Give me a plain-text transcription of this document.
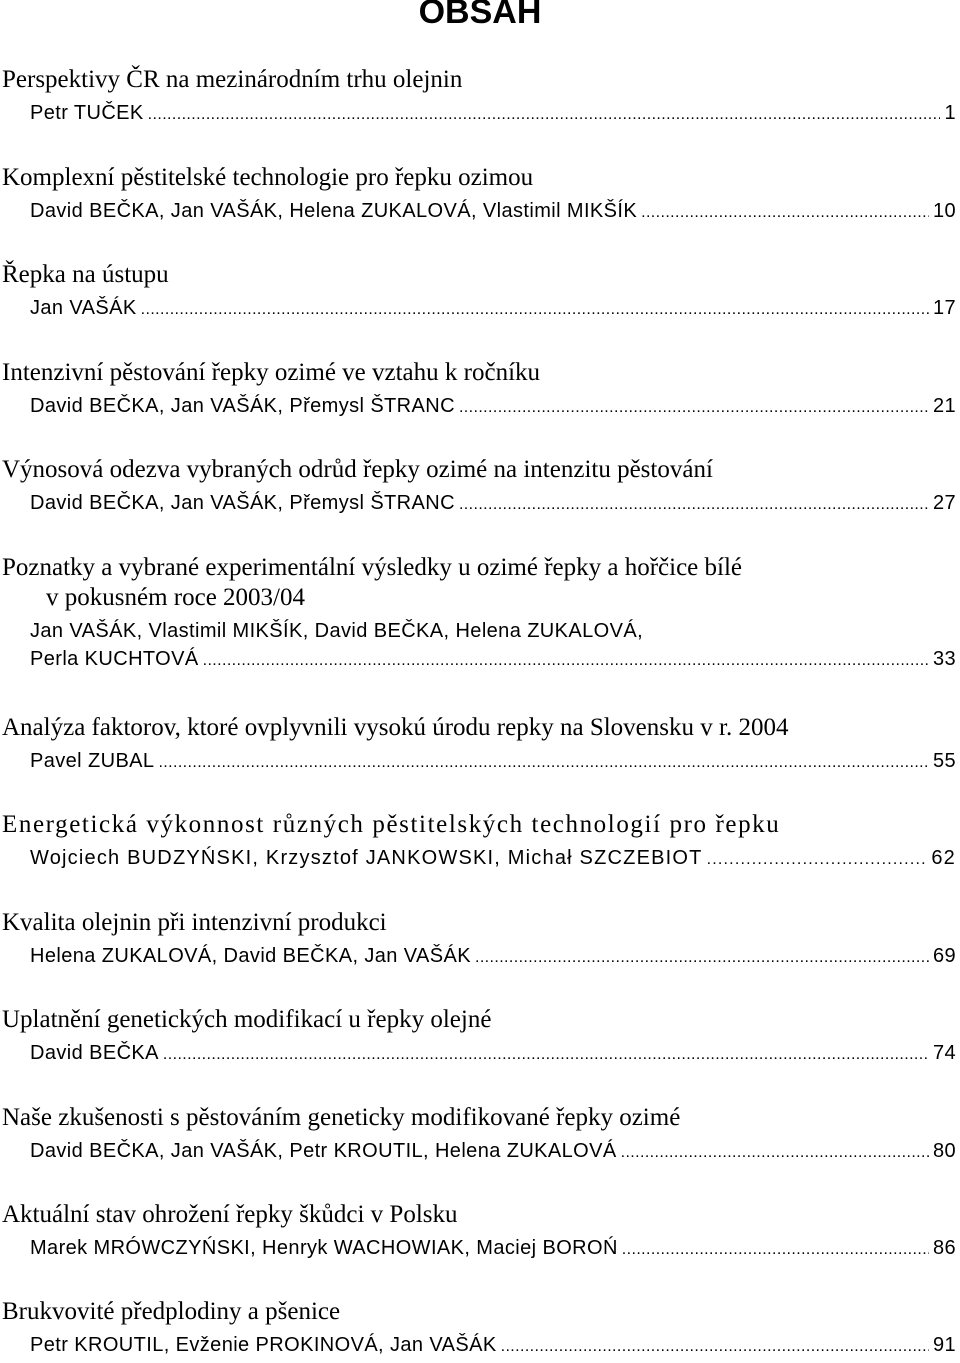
OBSAH
Perspektivy ČR na mezinárodním trhu olejnin
Petr TUČEK .....	1
Komplexní pěstitelské technologie pro řepku ozimou
David BEČKA, Jan VAŠÁK, Helena ZUKALOVÁ, Vlastimil MIKŠÍK .....	10
Řepka na ústupu
Jan VAŠÁK .....	17
Intenzivní pěstování řepky ozimé ve vztahu k ročníku
David BEČKA, Jan VAŠÁK, Přemysl ŠTRANC .....	21
Výnosová odezva vybraných odrůd řepky ozimé na intenzitu pěstování
David BEČKA, Jan VAŠÁK, Přemysl ŠTRANC .....	27
Poznatky a vybrané experimentální výsledky u ozimé řepky a hořčice bílé
v pokusném roce 2003/04
Jan VAŠÁK, Vlastimil MIKŠÍK, David BEČKA, Helena ZUKALOVÁ,
Perla KUCHTOVÁ .....	33
Analýza faktorov, ktoré ovplyvnili vysokú úrodu repky na Slovensku v r. 2004
Pavel ZUBAL .....	55
Energetická výkonnost různých pěstitelských technologií pro řepku
Wojciech BUDZYŃSKI, Krzysztof JANKOWSKI, Michał SZCZEBIOT .....	62
Kvalita olejnin při intenzivní produkci
Helena ZUKALOVÁ, David BEČKA, Jan VAŠÁK .....	69
Uplatnění genetických modifikací u řepky olejné
David BEČKA .....	74
Naše zkušenosti s pěstováním geneticky modifikované řepky ozimé
David BEČKA, Jan VAŠÁK, Petr KROUTIL, Helena ZUKALOVÁ .....	80
Aktuální stav ohrožení řepky škůdci v Polsku
Marek MRÓWCZYŃSKI, Henryk WACHOWIAK, Maciej BOROŃ .....	86
Brukvovité předplodiny a pšenice
Petr KROUTIL, Evženie PROKINOVÁ, Jan VAŠÁK .....	91
